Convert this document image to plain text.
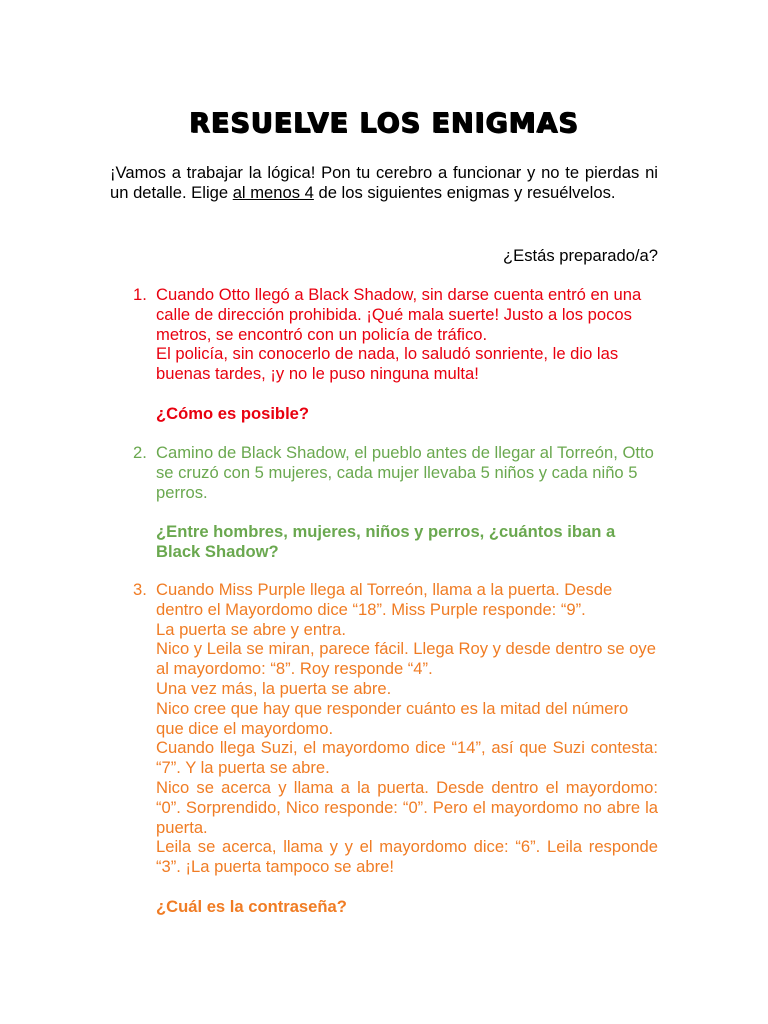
RESUELVE LOS ENIGMAS
¡Vamos a trabajar la lógica! Pon tu cerebro a funcionar y no te pierdas ni un detalle. Elige al menos 4 de los siguientes enigmas y resuélvelos.
¿Estás preparado/a?
1. Cuando Otto llegó a Black Shadow, sin darse cuenta entró en una calle de dirección prohibida. ¡Qué mala suerte! Justo a los pocos metros, se encontró con un policía de tráfico.
El policía, sin conocerlo de nada, lo saludó sonriente, le dio las buenas tardes, ¡y no le puso ninguna multa!
¿Cómo es posible?
2. Camino de Black Shadow, el pueblo antes de llegar al Torreón, Otto se cruzó con 5 mujeres, cada mujer llevaba 5 niños y cada niño 5 perros.
¿Entre hombres, mujeres, niños y perros, ¿cuántos iban a Black Shadow?
3. Cuando Miss Purple llega al Torreón, llama a la puerta. Desde dentro el Mayordomo dice “18”. Miss Purple responde: “9”.
La puerta se abre y entra.
Nico y Leila se miran, parece fácil. Llega Roy y desde dentro se oye al mayordomo: “8”. Roy responde “4”.
Una vez más, la puerta se abre.
Nico cree que hay que responder cuánto es la mitad del número que dice el mayordomo.
Cuando llega Suzi, el mayordomo dice “14”, así que Suzi contesta: “7”. Y la puerta se abre.
Nico se acerca y llama a la puerta. Desde dentro el mayordomo: “0”. Sorprendido, Nico responde: “0”. Pero el mayordomo no abre la puerta.
Leila se acerca, llama y y el mayordomo dice: “6”. Leila responde “3”. ¡La puerta tampoco se abre!
¿Cuál es la contraseña?
